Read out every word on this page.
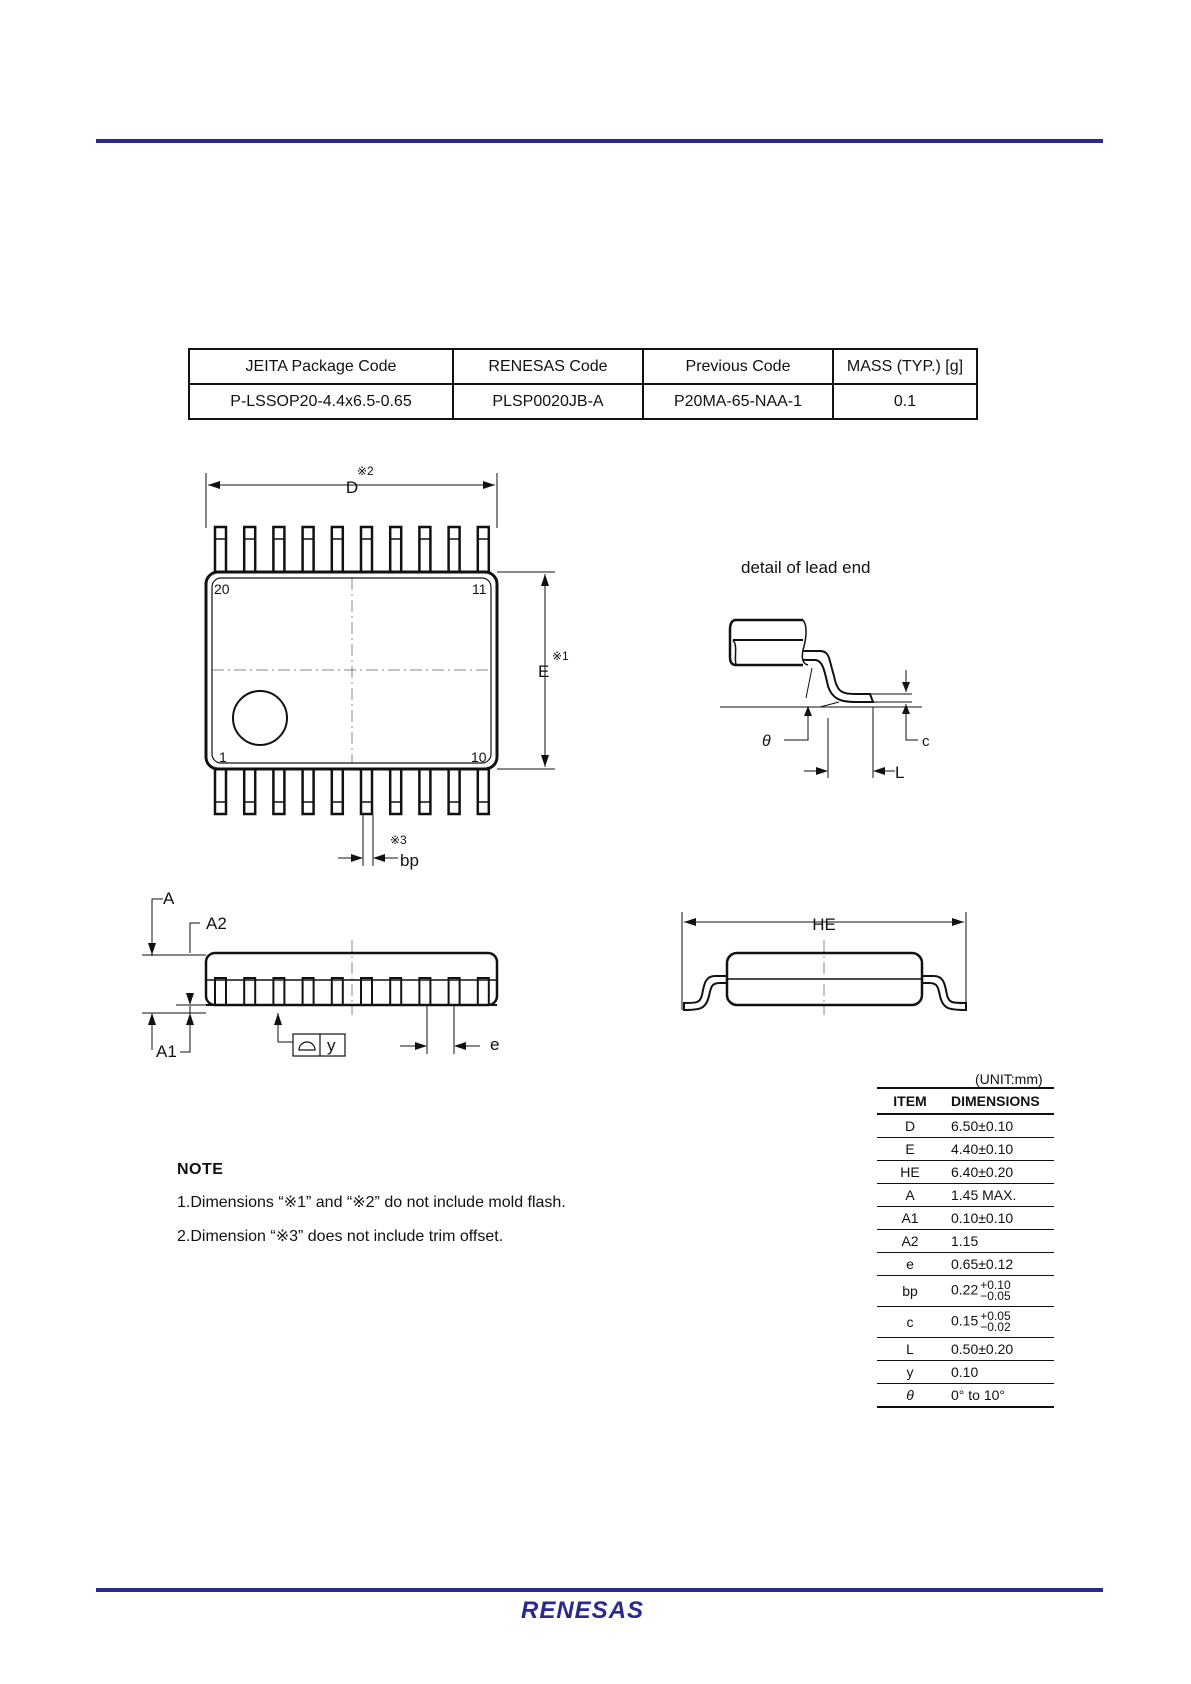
JEITA Package Code	RENESAS Code	Previous Code	MASS (TYP.) [g]
P-LSSOP20-4.4x6.5-0.65	PLSP0020JB-A	P20MA-65-NAA-1	0.1
D
※2
E
※1
20	11
1	10
bp
※3
detail of lead end
θ	c
L
A
A2
A1	y	e
HE
NOTE
1.Dimensions “※1” and “※2” do not include mold flash.
2.Dimension “※3” does not include trim offset.
(UNIT:mm)
ITEM	DIMENSIONS
D	6.50±0.10
E	4.40±0.10
HE	6.40±0.20
A	1.45 MAX.
A1	0.10±0.10
A2	1.15
e	0.65±0.12
bp	0.22 +0.10
−0.05
c	0.15 +0.05
−0.02
L	0.50±0.20
y	0.10
θ	0° to 10°
RENESAS
